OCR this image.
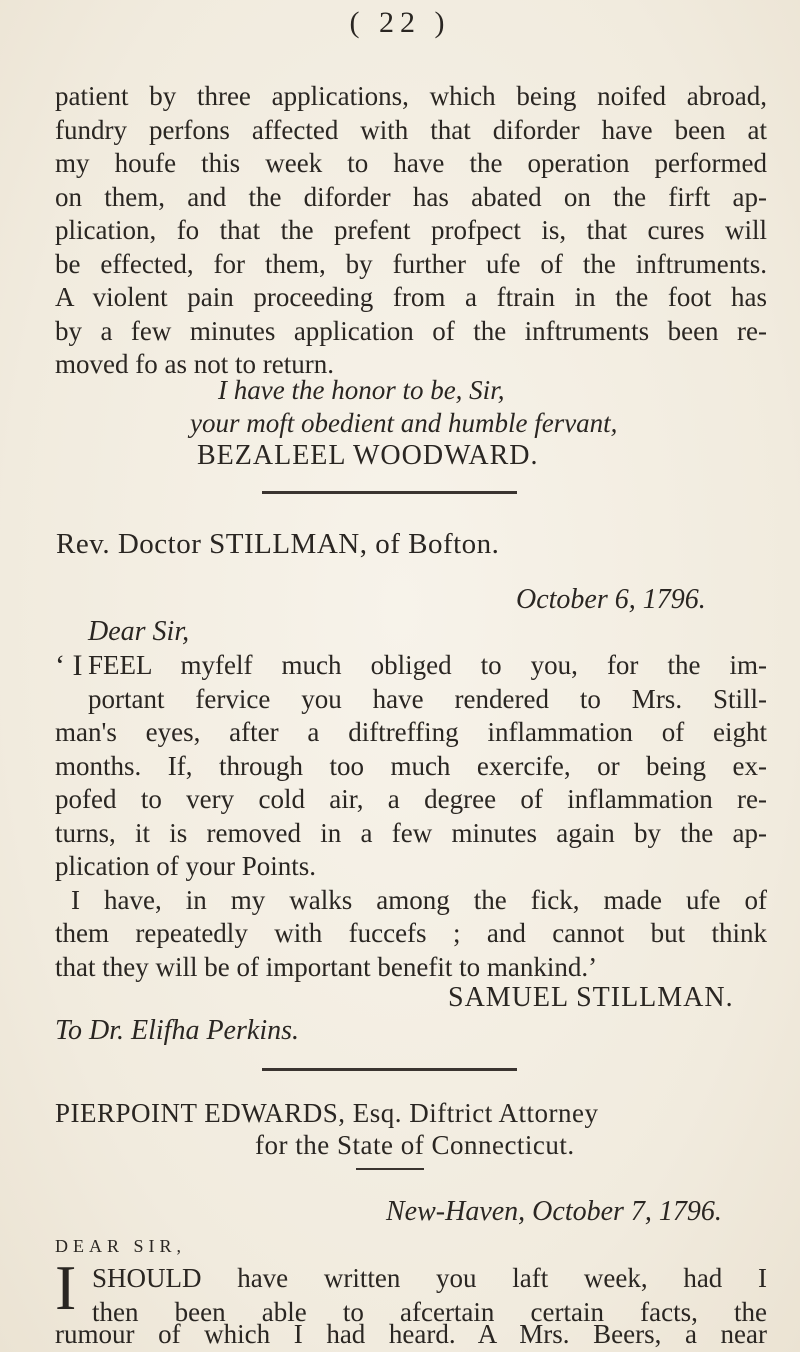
( 22 )
patient by three applications, which being noifed abroad,
fundry perfons affected with that diforder have been at
my houfe this week to have the operation performed
on them, and the diforder has abated on the firft ap-
plication, fo that the prefent profpect is, that cures will
be effected, for them, by further ufe of the inftruments.
A violent pain proceeding from a ftrain in the foot has
by a few minutes application of the inftruments been re-
moved fo as not to return.
I have the honor to be, Sir,
your moft obedient and humble fervant,
BEZALEEL WOODWARD.
Rev. Doctor STILLMAN, of Bofton.
October 6, 1796.
Dear Sir,
‘ I FEEL myfelf much obliged to you, for the im-
portant fervice you have rendered to Mrs. Still-
man's eyes, after a diftreffing inflammation of eight
months. If, through too much exercife, or being ex-
pofed to very cold air, a degree of inflammation re-
turns, it is removed in a few minutes again by the ap-
plication of your Points.
I have, in my walks among the fick, made ufe of
them repeatedly with fuccefs ; and cannot but think
that they will be of important benefit to mankind.’
SAMUEL STILLMAN.
To Dr. Elifha Perkins.
PIERPOINT EDWARDS, Esq. Diftrict Attorney
for the State of Connecticut.
New-Haven, October 7, 1796.
DEAR SIR,
I SHOULD have written you laft week, had I
then been able to afcertain certain facts, the
rumour of which I had heard. A Mrs. Beers, a near
